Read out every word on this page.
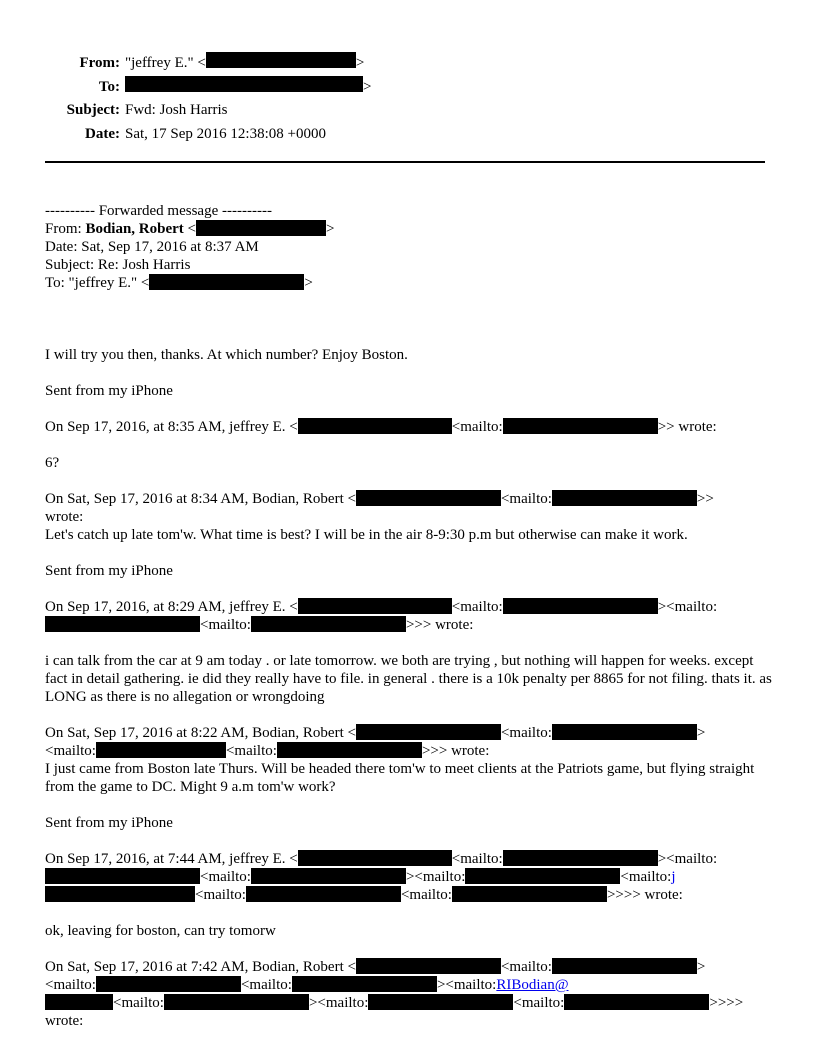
From: "jeffrey E." <	>
To:	>
Subject: Fwd: Josh Harris
Date: Sat, 17 Sep 2016 12:38:08 +0000
---------- Forwarded message ----------
From: Bodian, Robert <	>
Date: Sat, Sep 17, 2016 at 8:37 AM
Subject: Re: Josh Harris
To: "jeffrey E." <	>
I will try you then, thanks. At which number? Enjoy Boston.
Sent from my iPhone
On Sep 17, 2016, at 8:35 AM, jeffrey E. <	<mailto:	>> wrote:
6?
On Sat, Sep 17, 2016 at 8:34 AM, Bodian, Robert <	<mailto:	>>
wrote:
Let's catch up late tom'w. What time is best? I will be in the air 8-9:30 p.m but otherwise can make it work.
Sent from my iPhone
On Sep 17, 2016, at 8:29 AM, jeffrey E. <	<mailto:	><mailto:
<mailto:	>>> wrote:
i can talk from the car at 9 am today . or late tomorrow. we both are trying , but nothing will happen for weeks. except fact in detail gathering. ie did they really have to file. in general . there is a 10k penalty per 8865 for not filing. thats it. as LONG as there is no allegation or wrongdoing
On Sat, Sep 17, 2016 at 8:22 AM, Bodian, Robert <	<mailto:	>
<mailto:	<mailto:	>>> wrote:
I just came from Boston late Thurs. Will be headed there tom'w to meet clients at the Patriots game, but flying straight from the game to DC. Might 9 a.m tom'w work?
Sent from my iPhone
On Sep 17, 2016, at 7:44 AM, jeffrey E. <	<mailto:	><mailto:
<mailto:	><mailto:	<mailto:j
<mailto:	<mailto:	>>>> wrote:
ok, leaving for boston, can try tomorw
On Sat, Sep 17, 2016 at 7:42 AM, Bodian, Robert <	<mailto:	>
<mailto:	<mailto:	><mailto:RIBodian@
<mailto:	><mailto:	<mailto:	>>>>
wrote:
